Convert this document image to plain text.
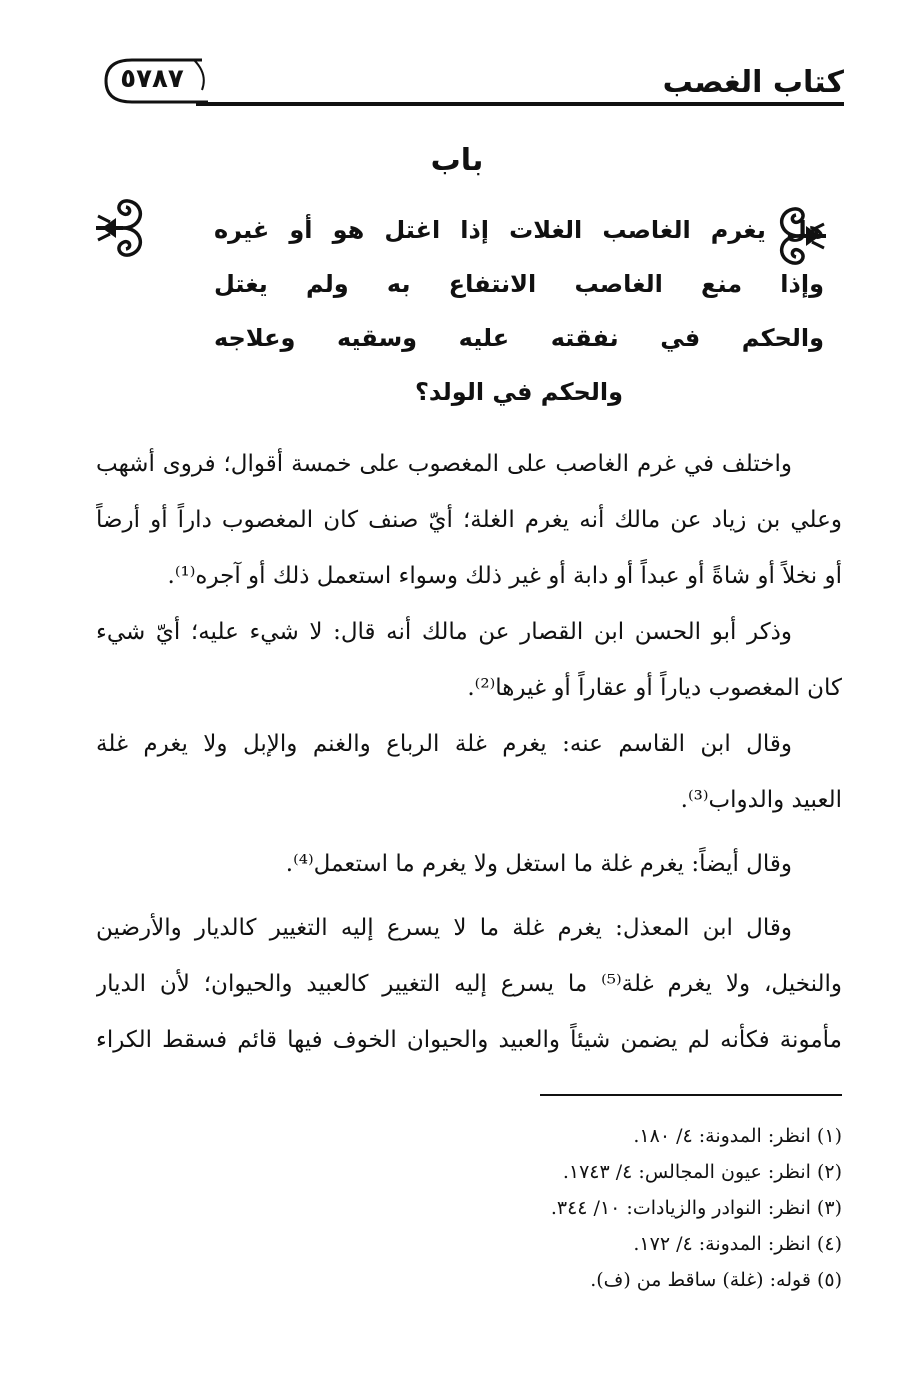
٥٧٨٧	كتاب الغصب
باب
هل يغرم الغاصب الغلات إذا اغتل هو أو غيره
وإذا منع الغاصب الانتفاع به ولم يغتل
والحكم في نفقته عليه وسقيه وعلاجه
والحكم في الولد؟
واختلف في غرم الغاصب على المغصوب على خمسة أقوال؛ فروى أشهب
وعلي بن زياد عن مالك أنه يغرم الغلة؛ أيّ صنف كان المغصوب داراً أو أرضاً
أو نخلاً أو شاةً أو عبداً أو دابة أو غير ذلك وسواء استعمل ذلك أو آجره⁽¹⁾.
وذكر أبو الحسن ابن القصار عن مالك أنه قال: لا شيء عليه؛ أيّ شيء
كان المغصوب دياراً أو عقاراً أو غيرها⁽²⁾.
وقال ابن القاسم عنه: يغرم غلة الرباع والغنم والإبل ولا يغرم غلة
العبيد والدواب⁽³⁾.
وقال أيضاً: يغرم غلة ما استغل ولا يغرم ما استعمل⁽⁴⁾.
وقال ابن المعذل: يغرم غلة ما لا يسرع إليه التغيير كالديار والأرضين
والنخيل، ولا يغرم غلة⁽⁵⁾ ما يسرع إليه التغيير كالعبيد والحيوان؛ لأن الديار
مأمونة فكأنه لم يضمن شيئاً والعبيد والحيوان الخوف فيها قائم فسقط الكراء
(١) انظر: المدونة: ٤/ ١٨٠.
(٢) انظر: عيون المجالس: ٤/ ١٧٤٣.
(٣) انظر: النوادر والزيادات: ١٠/ ٣٤٤.
(٤) انظر: المدونة: ٤/ ١٧٢.
(٥) قوله: (غلة) ساقط من (ف).
